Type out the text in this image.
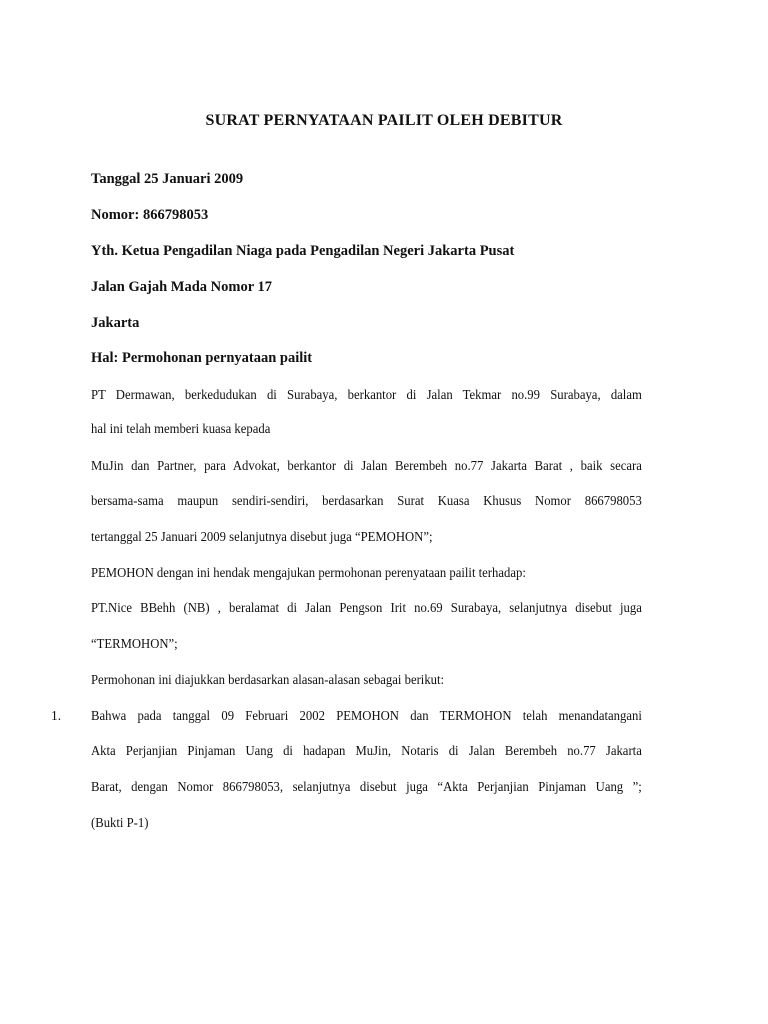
SURAT PERNYATAAN PAILIT OLEH DEBITUR
Tanggal 25 Januari 2009
Nomor: 866798053
Yth. Ketua Pengadilan Niaga pada Pengadilan Negeri Jakarta Pusat
Jalan Gajah Mada Nomor 17
Jakarta
Hal: Permohonan pernyataan pailit
PT Dermawan, berkedudukan di Surabaya, berkantor di Jalan Tekmar no.99 Surabaya, dalam
hal ini telah memberi kuasa kepada
MuJin dan Partner, para Advokat, berkantor di Jalan Berembeh no.77 Jakarta Barat , baik secara
bersama-sama maupun sendiri-sendiri, berdasarkan Surat Kuasa Khusus Nomor 866798053
tertanggal 25 Januari 2009 selanjutnya disebut juga “PEMOHON”;
PEMOHON dengan ini hendak mengajukan permohonan perenyataan pailit terhadap:
PT.Nice BBehh (NB) , beralamat di Jalan Pengson Irit no.69 Surabaya, selanjutnya disebut juga
“TERMOHON”;
Permohonan ini diajukkan berdasarkan alasan-alasan sebagai berikut:
1. Bahwa pada tanggal 09 Februari 2002 PEMOHON dan TERMOHON telah menandatangani
Akta Perjanjian Pinjaman Uang di hadapan MuJin, Notaris di Jalan Berembeh no.77 Jakarta
Barat, dengan Nomor 866798053, selanjutnya disebut juga “Akta Perjanjian Pinjaman Uang ”;
(Bukti P-1)
